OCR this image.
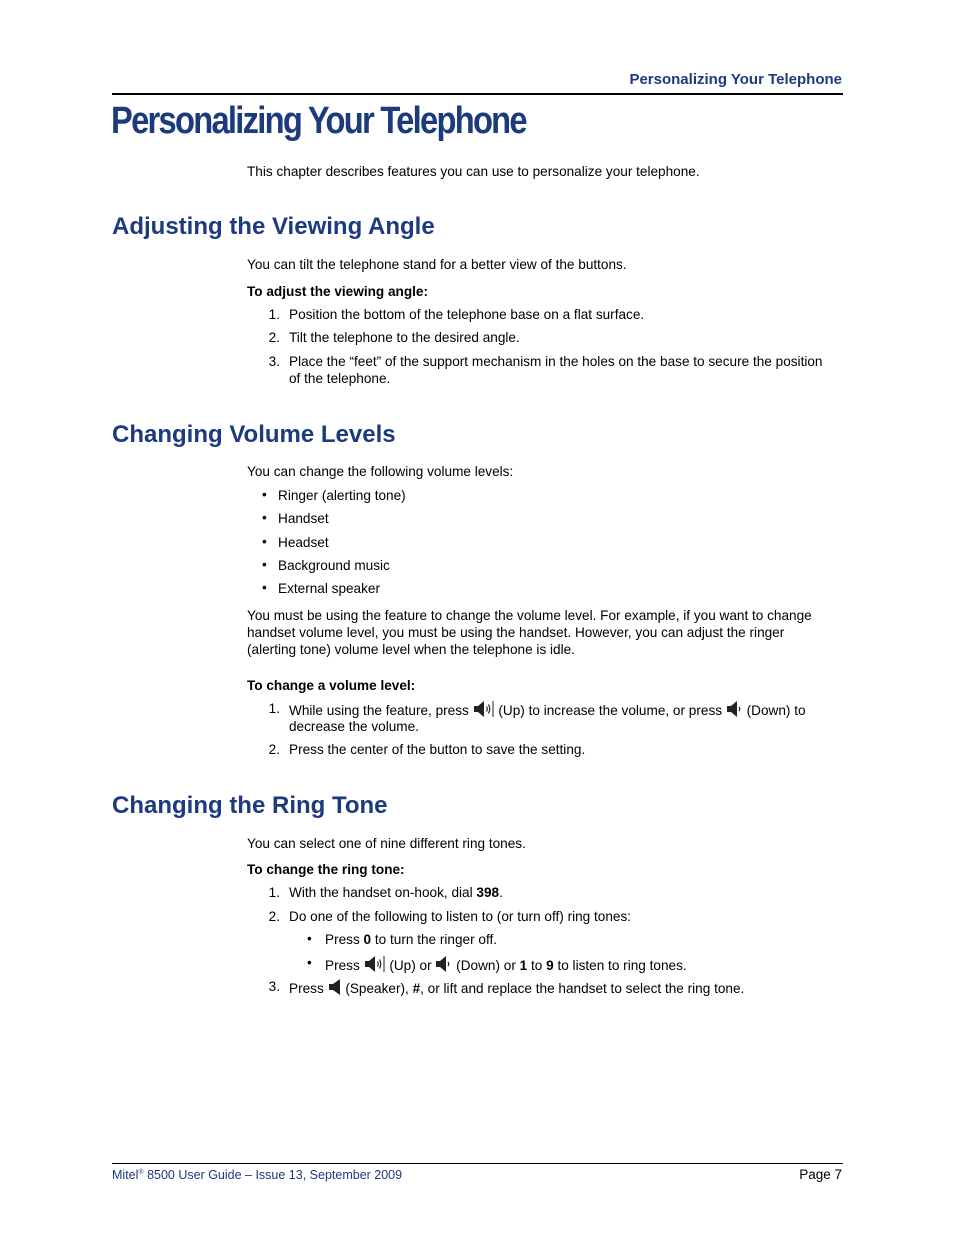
Personalizing Your Telephone
Personalizing Your Telephone
This chapter describes features you can use to personalize your telephone.
Adjusting the Viewing Angle
You can tilt the telephone stand for a better view of the buttons.
To adjust the viewing angle:
1. Position the bottom of the telephone base on a flat surface.
2. Tilt the telephone to the desired angle.
3. Place the “feet” of the support mechanism in the holes on the base to secure the position
of the telephone.
Changing Volume Levels
You can change the following volume levels:
• Ringer (alerting tone)
• Handset
• Headset
• Background music
• External speaker
You must be using the feature to change the volume level. For example, if you want to change
handset volume level, you must be using the handset. However, you can adjust the ringer
(alerting tone) volume level when the telephone is idle.
To change a volume level:
1. While using the feature, press (Up) to increase the volume, or press (Down) to
decrease the volume.
2. Press the center of the button to save the setting.
Changing the Ring Tone
You can select one of nine different ring tones.
To change the ring tone:
1. With the handset on-hook, dial 398.
2. Do one of the following to listen to (or turn off) ring tones:
• Press 0 to turn the ringer off.
• Press (Up) or (Down) or 1 to 9 to listen to ring tones.
3. Press (Speaker), #, or lift and replace the handset to select the ring tone.
Mitel® 8500 User Guide – Issue 13, September 2009	Page 7
